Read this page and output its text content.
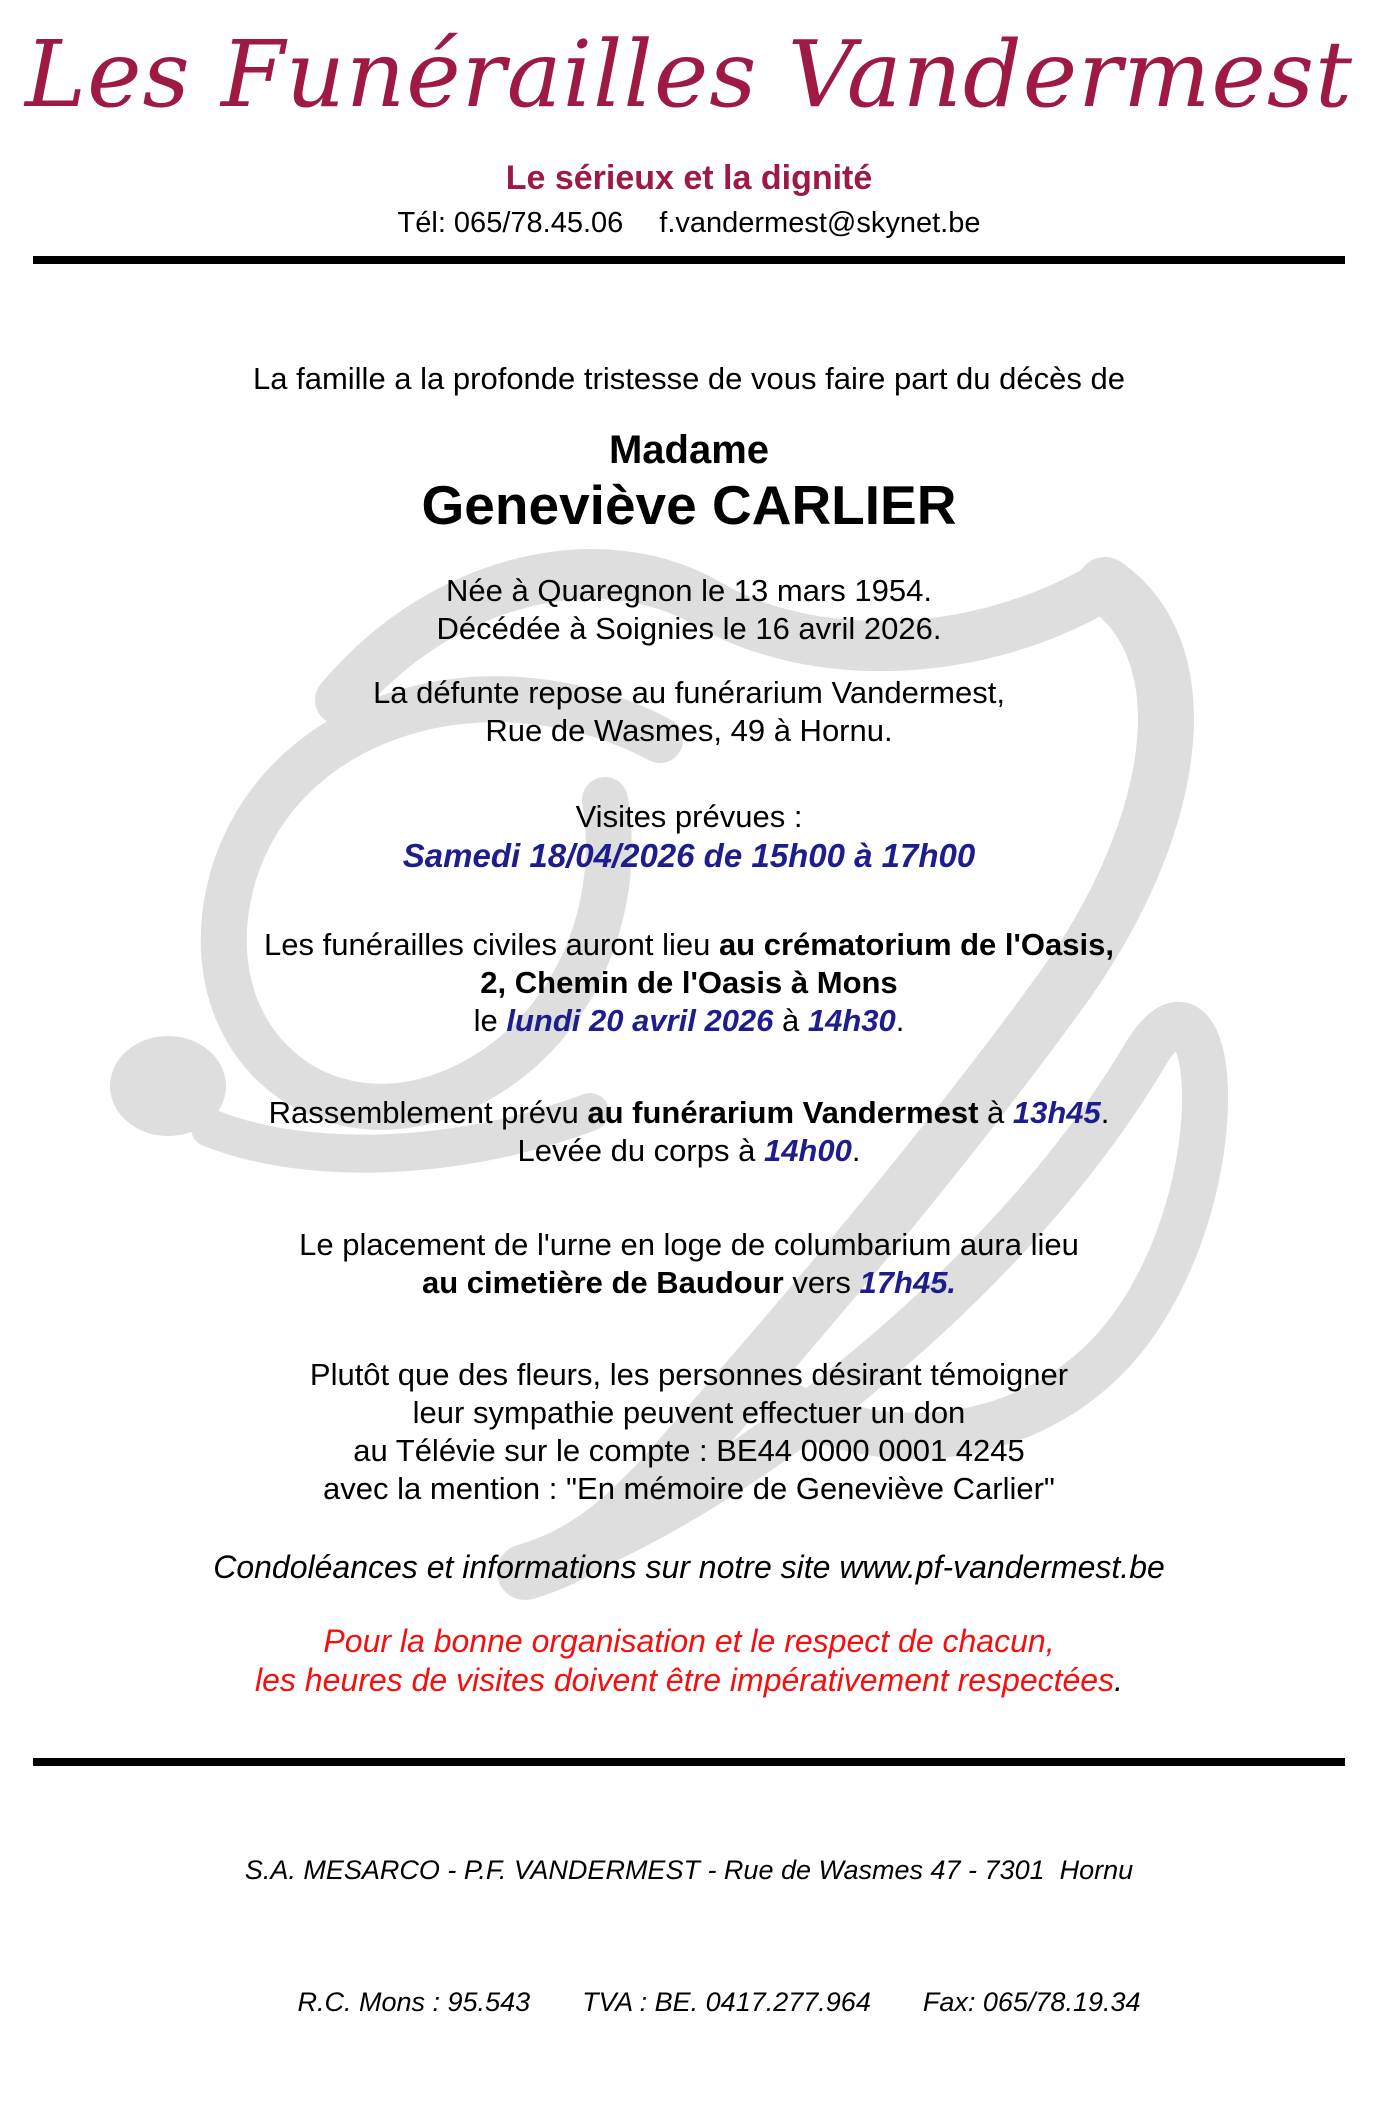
Les Funérailles Vandermest
Le sérieux et la dignité
Tél: 065/78.45.06 f.vandermest@skynet.be
La famille a la profonde tristesse de vous faire part du décès de
Madame
Geneviève CARLIER
Née à Quaregnon le 13 mars 1954.
Décédée à Soignies le 16 avril 2026.
La défunte repose au funérarium Vandermest,
Rue de Wasmes, 49 à Hornu.
Visites prévues :
Samedi 18/04/2026 de 15h00 à 17h00
Les funérailles civiles auront lieu au crématorium de l'Oasis,
2, Chemin de l'Oasis à Mons
le lundi 20 avril 2026 à 14h30.
Rassemblement prévu au funérarium Vandermest à 13h45.
Levée du corps à 14h00.
Le placement de l'urne en loge de columbarium aura lieu
au cimetière de Baudour vers 17h45.
Plutôt que des fleurs, les personnes désirant témoigner
leur sympathie peuvent effectuer un don
au Télévie sur le compte : BE44 0000 0001 4245
avec la mention : "En mémoire de Geneviève Carlier"
Condoléances et informations sur notre site www.pf-vandermest.be
Pour la bonne organisation et le respect de chacun,
les heures de visites doivent être impérativement respectées.

S.A. MESARCO - P.F. VANDERMEST - Rue de Wasmes 47 - 7301  Hornu

R.C. Mons : 95.543 TVA : BE. 0417.277.964 Fax: 065/78.19.34
